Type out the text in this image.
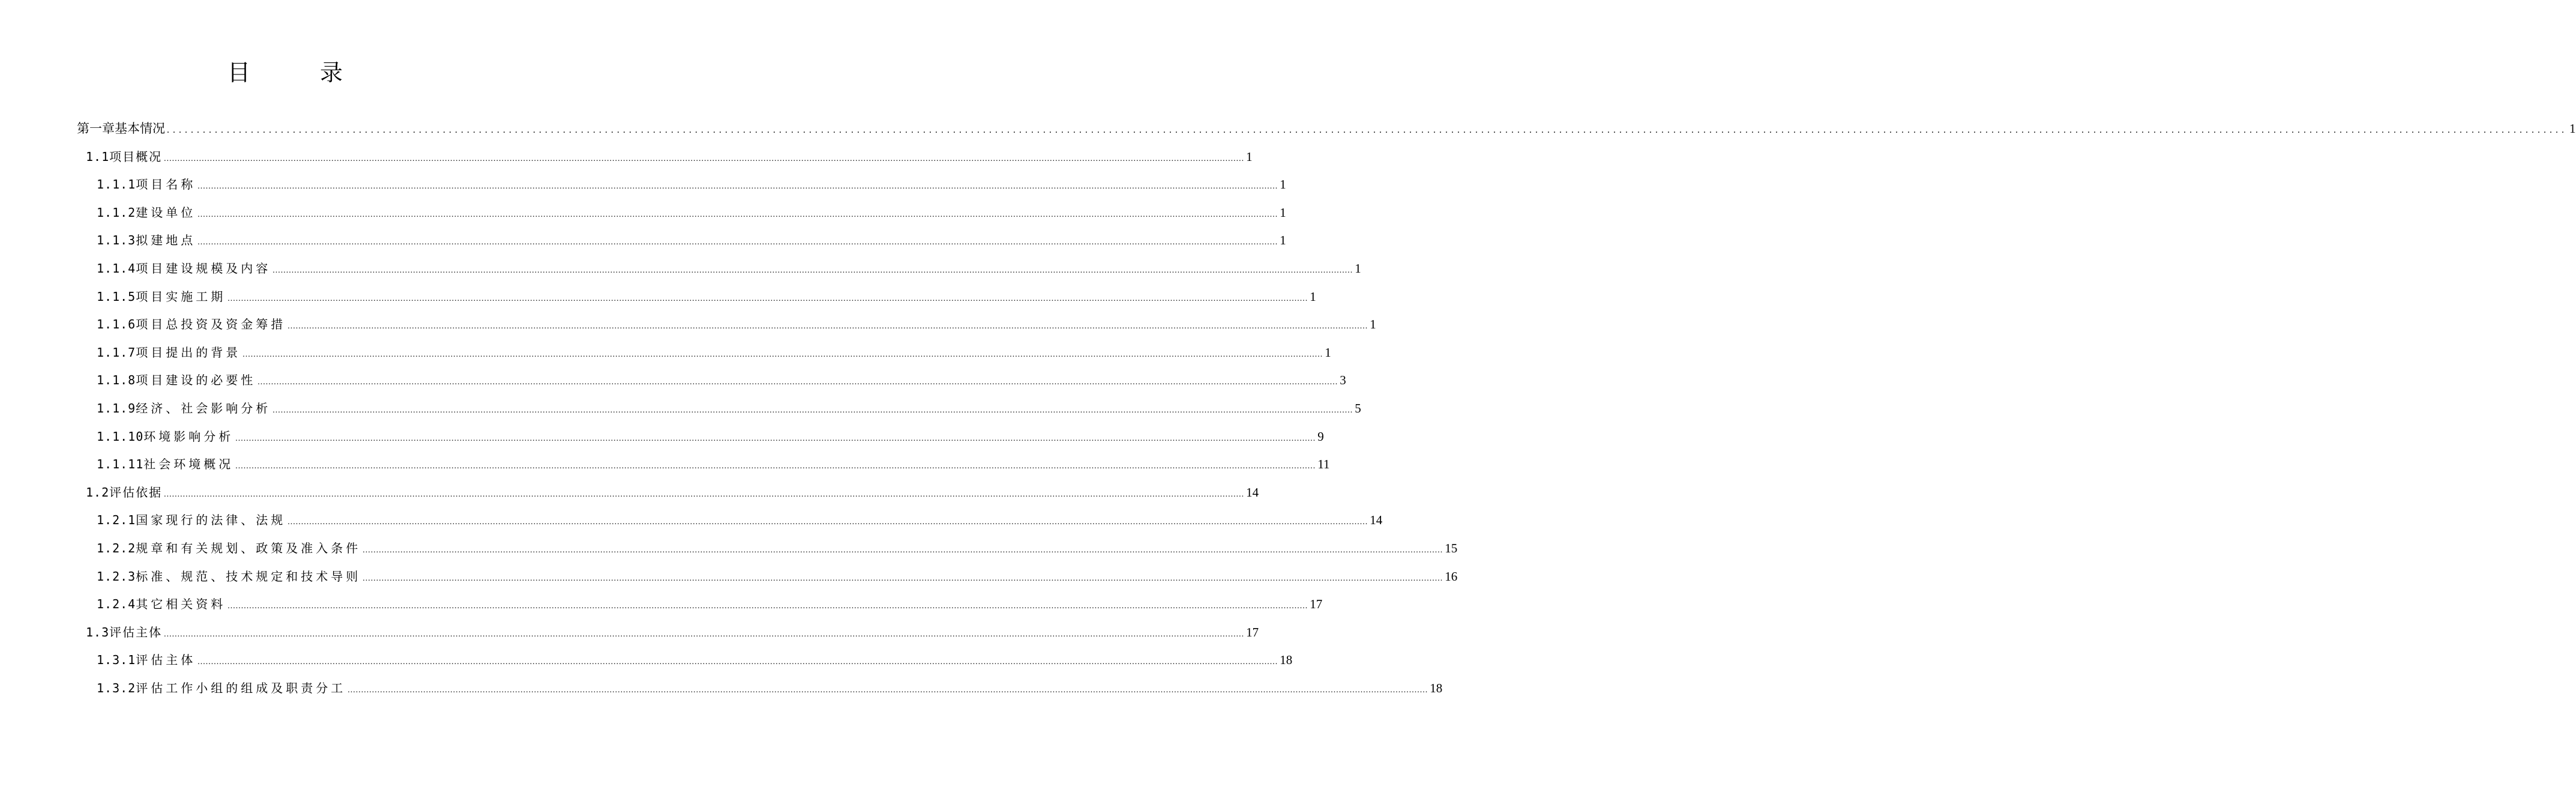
目 录
第一章 基本情况 ................................................................................................................................................................................................................................................................................................................................................................................................................ 1
1.1 项目概况 ................................................................................................................................................................................................................................................................................................................................................................................................................ 1
1.1.1 项目名称 ................................................................................................................................................................................................................................................................................................................................................................................................................ 1
1.1.2 建设单位 ................................................................................................................................................................................................................................................................................................................................................................................................................ 1
1.1.3 拟建地点 ................................................................................................................................................................................................................................................................................................................................................................................................................ 1
1.1.4 项目建设规模及内容 ................................................................................................................................................................................................................................................................................................................................................................................................................ 1
1.1.5 项目实施工期 ................................................................................................................................................................................................................................................................................................................................................................................................................ 1
1.1.6 项目总投资及资金筹措 ................................................................................................................................................................................................................................................................................................................................................................................................................ 1
1.1.7 项目提出的背景 ................................................................................................................................................................................................................................................................................................................................................................................................................ 1
1.1.8 项目建设的必要性 ................................................................................................................................................................................................................................................................................................................................................................................................................ 3
1.1.9 经济、社会影响分析 ................................................................................................................................................................................................................................................................................................................................................................................................................ 5
1.1.10 环境影响分析 ................................................................................................................................................................................................................................................................................................................................................................................................................ 9
1.1.11 社会环境概况 ................................................................................................................................................................................................................................................................................................................................................................................................................ 11
1.2 评估依据 ................................................................................................................................................................................................................................................................................................................................................................................................................ 14
1.2.1 国家现行的法律、法规 ................................................................................................................................................................................................................................................................................................................................................................................................................ 14
1.2.2 规章和有关规划、政策及准入条件 ................................................................................................................................................................................................................................................................................................................................................................................................................ 15
1.2.3 标准、规范、技术规定和技术导则 ................................................................................................................................................................................................................................................................................................................................................................................................................ 16
1.2.4 其它相关资料 ................................................................................................................................................................................................................................................................................................................................................................................................................ 17
1.3 评估主体 ................................................................................................................................................................................................................................................................................................................................................................................................................ 17
1.3.1 评估主体 ................................................................................................................................................................................................................................................................................................................................................................................................................ 18
1.3.2 评估工作小组的组成及职责分工 ................................................................................................................................................................................................................................................................................................................................................................................................................ 18
